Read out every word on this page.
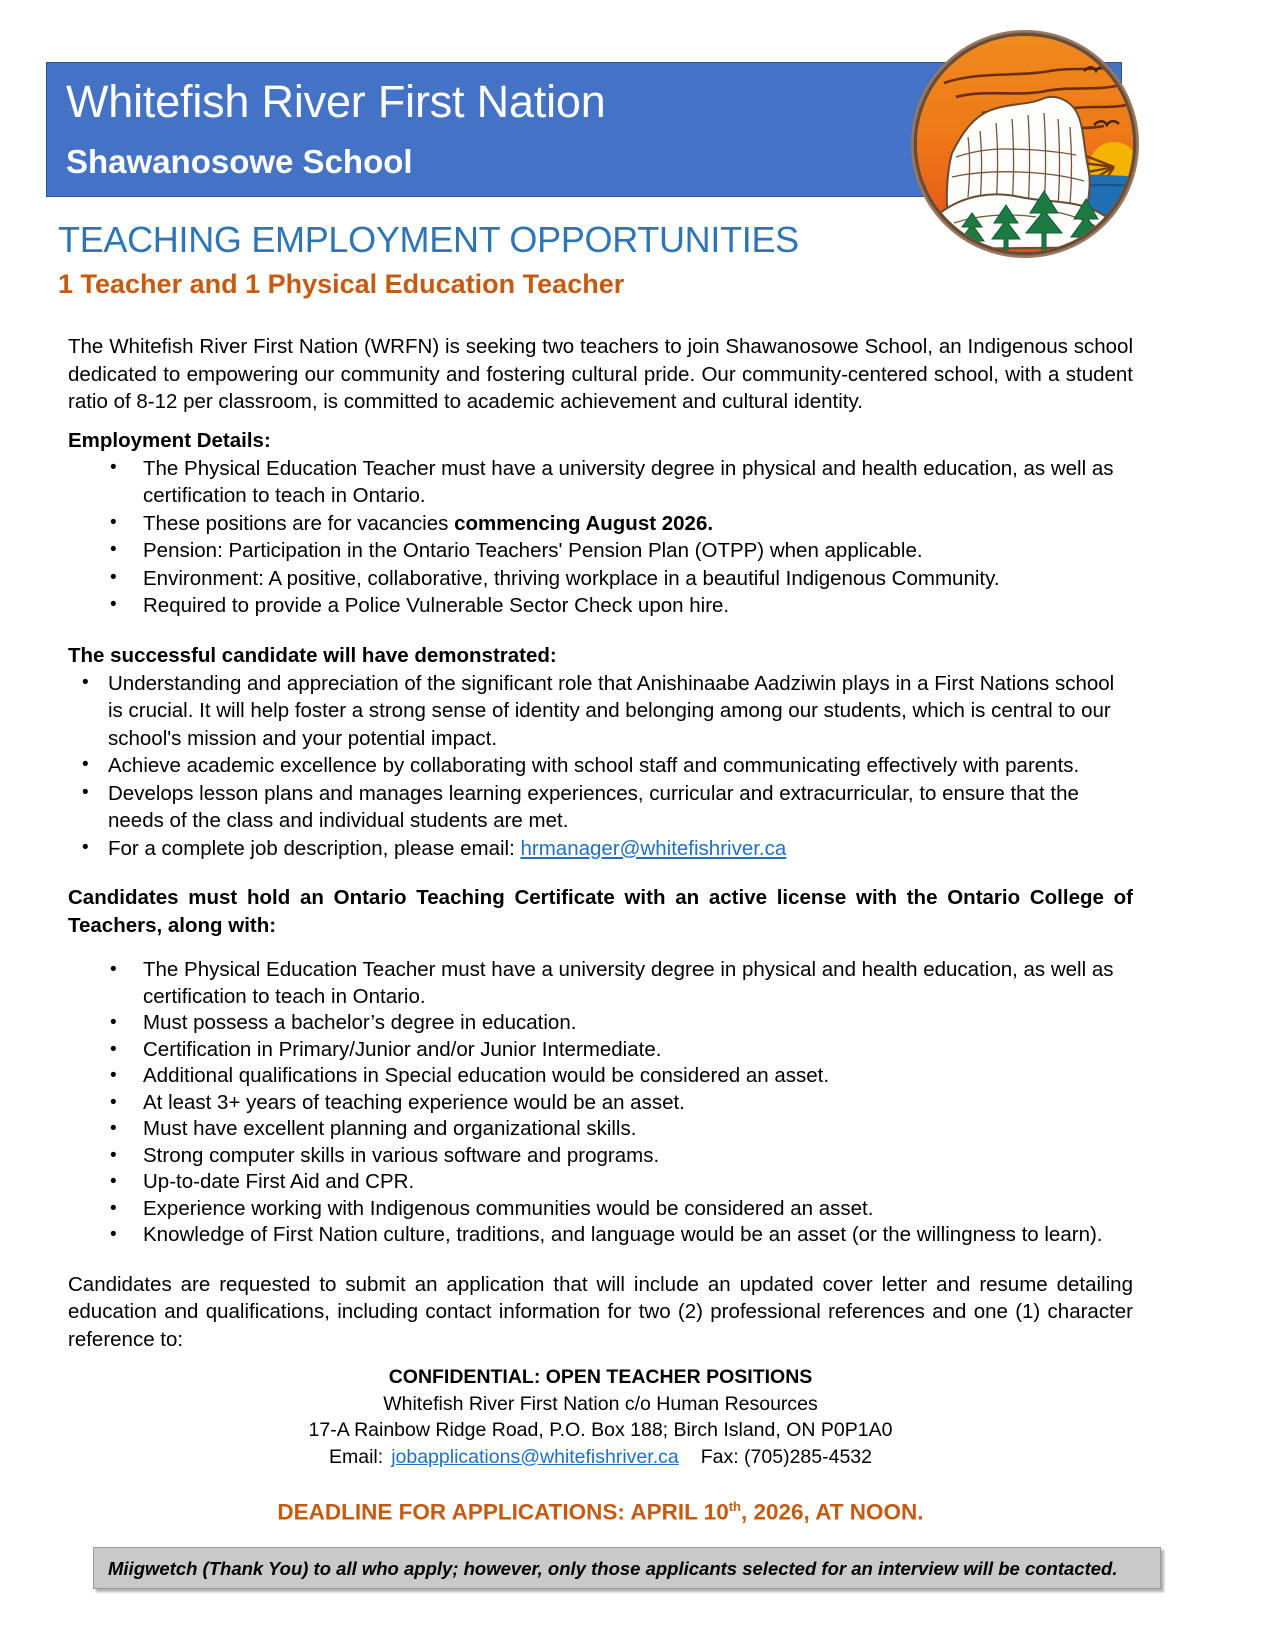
Whitefish River First Nation
Shawanosowe School
TEACHING EMPLOYMENT OPPORTUNITIES
1 Teacher and 1 Physical Education Teacher

The Whitefish River First Nation (WRFN) is seeking two teachers to join Shawanosowe School, an Indigenous school dedicated to empowering our community and fostering cultural pride. Our community-centered school, with a student ratio of 8-12 per classroom, is committed to academic achievement and cultural identity.

Employment Details:
• The Physical Education Teacher must have a university degree in physical and health education, as well as certification to teach in Ontario.
• These positions are for vacancies commencing August 2026.
• Pension: Participation in the Ontario Teachers' Pension Plan (OTPP) when applicable.
• Environment: A positive, collaborative, thriving workplace in a beautiful Indigenous Community.
• Required to provide a Police Vulnerable Sector Check upon hire.
The successful candidate will have demonstrated:
• Understanding and appreciation of the significant role that Anishinaabe Aadziwin plays in a First Nations school is crucial. It will help foster a strong sense of identity and belonging among our students, which is central to our school's mission and your potential impact.
• Achieve academic excellence by collaborating with school staff and communicating effectively with parents.
• Develops lesson plans and manages learning experiences, curricular and extracurricular, to ensure that the needs of the class and individual students are met.
• For a complete job description, please email: hrmanager@whitefishriver.ca
Candidates must hold an Ontario Teaching Certificate with an active license with the Ontario College of Teachers, along with:
• The Physical Education Teacher must have a university degree in physical and health education, as well as certification to teach in Ontario.
• Must possess a bachelor’s degree in education.
• Certification in Primary/Junior and/or Junior Intermediate.
• Additional qualifications in Special education would be considered an asset.
• At least 3+ years of teaching experience would be an asset.
• Must have excellent planning and organizational skills.
• Strong computer skills in various software and programs.
• Up-to-date First Aid and CPR.
• Experience working with Indigenous communities would be considered an asset.
• Knowledge of First Nation culture, traditions, and language would be an asset (or the willingness to learn).

Candidates are requested to submit an application that will include an updated cover letter and resume detailing education and qualifications, including contact information for two (2) professional references and one (1) character reference to:

CONFIDENTIAL: OPEN TEACHER POSITIONS
Whitefish River First Nation c/o Human Resources
17-A Rainbow Ridge Road, P.O. Box 188; Birch Island, ON P0P1A0
Email: jobapplications@whitefishriver.ca Fax: (705)285-4532
DEADLINE FOR APPLICATIONS: APRIL 10th, 2026, AT NOON.
Miigwetch (Thank You) to all who apply; however, only those applicants selected for an interview will be contacted.
